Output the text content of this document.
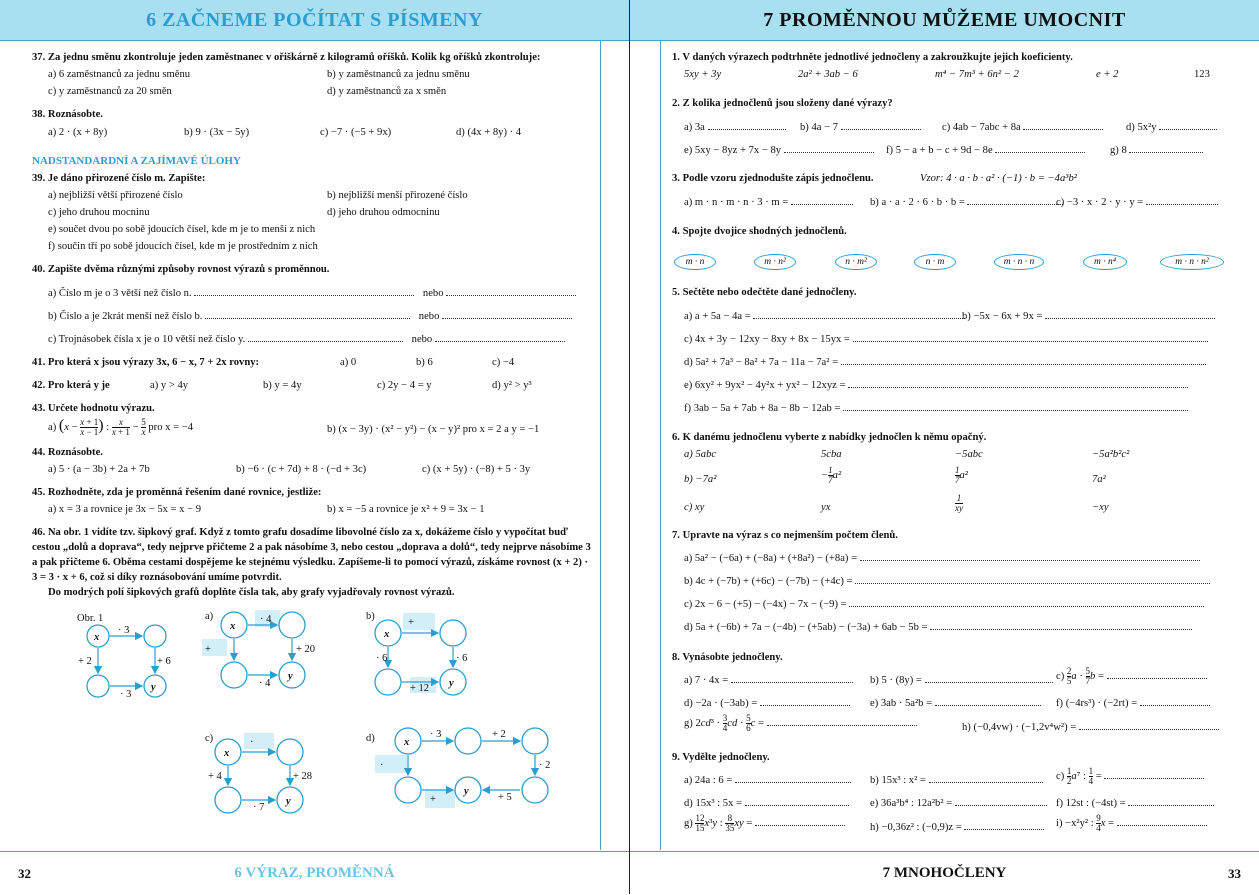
6 ZAČNEME POČÍTAT S PÍSMENY
37. Za jednu směnu zkontroluje jeden zaměstnanec v ořiškárně z kilogramů oříšků. Kolik kg oříšků zkontroluje:
a) 6 zaměstnanců za jednu směnu	b) y zaměstnanců za jednu směnu
c) y zaměstnanců za 20 směn	d) y zaměstnanců za x směn
38. Roznásobte.
a) 2 · (x + 8y)	b) 9 · (3x − 5y)	c) −7 · (−5 + 9x)	d) (4x + 8y) · 4
NADSTANDARDNÍ A ZAJÍMAVÉ ÚLOHY
39. Je dáno přirozené číslo m. Zapište:
a) nejbližší větší přirozené číslo	b) nejbližší menší přirozené číslo
c) jeho druhou mocninu	d) jeho druhou odmocninu
e) součet dvou po sobě jdoucích čísel, kde m je to menší z nich
f) součin tří po sobě jdoucích čísel, kde m je prostředním z nich
40. Zapište dvěma různými způsoby rovnost výrazů s proměnnou.
a) Číslo m je o 3 větší než číslo n.	nebo
b) Číslo a je 2krát menší než číslo b.	nebo
c) Trojnásobek čísla x je o 10 větší než číslo y.	nebo
41. Pro která x jsou výrazy 3x, 6 − x, 7 + 2x rovny:	a) 0	b) 6	c) −4
42. Pro která y je	a) y > 4y	b) y = 4y	c) 2y − 4 = y	d) y² > y³
43. Určete hodnotu výrazu.
a) ($x - \frac{x + 1}{x - 1}$ ) : $\frac{x}{x + 1} - \frac{5}{x}$ pro x = −4	b) (x − 3y) · (x² − y²) − (x − y)² pro x = 2 a y = −1
44. Roznásobte.
a) 5 · (a − 3b) + 2a + 7b	b) −6 · (c + 7d) + 8 · (−d + 3c)	c) (x + 5y) · (−8) + 5 · 3y
45. Rozhodněte, zda je proměnná řešením dané rovnice, jestliže:
a) x = 3 a rovnice je 3x − 5x = x − 9	b) x = −5 a rovnice je x² + 9 = 3x − 1
46. Na obr. 1 vidíte tzv. šipkový graf. Když z tomto grafu dosadíme libovolné číslo za x, dokážeme číslo y vypočítat buď cestou „dolů a doprava“, tedy nejprve přičteme 2 a pak násobíme 3, nebo cestou „doprava a dolů“, tedy nejprve násobíme 3 a pak přičteme 6. Oběma cestami dospějeme ke stejnému výsledku. Zapíšeme-li to pomocí výrazů, získáme rovnost (x + 2) · 3 = 3 · x + 6, což si díky roznásobování umíme potvrdit.
Do modrých polí šipkových grafů doplňte čísla tak, aby grafy vyjadřovaly rovnost výrazů.
Obr. 1
x
y
· 3
+ 2	+ 6
· 3
a)
x
y
· 4
+	+ 20
· 4
b)
x
y
+
· 6	· 6
+ 12
c)
x
y
·
+ 4	+ 28
· 7
d)	x
y
· 3	+ 2
·	· 2
+	+ 5
32	6 VÝRAZ, PROMĚNNÁ
7 PROMĚNNOU MŮŽEME UMOCNIT
1. V daných výrazech podtrhněte jednotlivé jednočleny a zakroužkujte jejich koeficienty.
5xy + 3y	2a² + 3ab − 6	m⁴ − 7m³ + 6n² − 2	e + 2	123
2. Z kolika jednočlenů jsou složeny dané výrazy?
a) 3a	b) 4a − 7	c) 4ab − 7abc + 8a	d) 5x²y
e) 5xy − 8yz + 7x − 8y	f) 5 − a + b − c + 9d − 8e	g) 8
3. Podle vzoru zjednodušte zápis jednočlenu.	Vzor: 4 · a · b · a² · (−1) · b = −4a³b²
a) m · n · m · n · 3 · m =	b) a · a · 2 · 6 · b · b =	c) −3 · x · 2 · y · y =
4. Spojte dvojice shodných jednočlenů.
m · n	m · n²	n · m²	n · m	m · n · n	m · n⁴	m · n · n²
5. Sečtěte nebo odečtěte dané jednočleny.
a) a + 5a − 4a =	b) −5x − 6x + 9x =
c) 4x + 3y − 12xy − 8xy + 8x − 15yx =
d) 5a² + 7a³ − 8a² + 7a − 11a − 7a² =
e) 6xy² + 9yx² − 4y²x + yx² − 12xyz =
f) 3ab − 5a + 7ab + 8a − 8b − 12ab =
6. K danému jednočlenu vyberte z nabídky jednočlen k němu opačný.
a) 5abc	5cba	−5abc	−5a²b²c²
b) −7a²	− $\frac{1}{7} a^2$	$\frac{1}{7} a^2$	7a²
c) xy	yx	$\frac{1}{xy}$	−xy
7. Upravte na výraz s co nejmenším počtem členů.
a) 5a² − (−6a) + (−8a) + (+8a²) − (+8a) =
b) 4c + (−7b) + (+6c) − (−7b) − (+4c) =
c) 2x − 6 − (+5) − (−4x) − 7x − (−9) =
d) 5a + (−6b) + 7a − (−4b) − (+5ab) − (−3a) + 6ab − 5b =
8. Vynásobte jednočleny.
a) 7 · 4x =	b) 5 · (8y) =	$c) \frac{2}{5}$ $a \cdot \frac{5}{7}$ b =
d) −2a · (−3ab) =	e) 3ab · 5a²b =	f) (−4rs³) · (−2rt) =
g) $2cd^3 \cdot \frac{3}{4}$ cd · $\frac{5}{6}$ c =	h) (−0,4vw) · (−1,2v⁴w²) =
9. Vydělte jednočleny.
a) 24a : 6 =	b) 15x³ : x² =	$c) \frac{1}{2} a^7$ : $\frac{1}{4}$ =
d) 15x³ : 5x =	e) 36a³b⁴ : 12a²b² =	f) 12st : (−4st) =
$g) \frac{12}{15} x^3y$ : $\frac{8}{35}$ xy =	h) −0,36z² : (−0,9)z =	i) −x²y² : $\frac{9}{4}$ x =
7 MNOHOČLENY	33
